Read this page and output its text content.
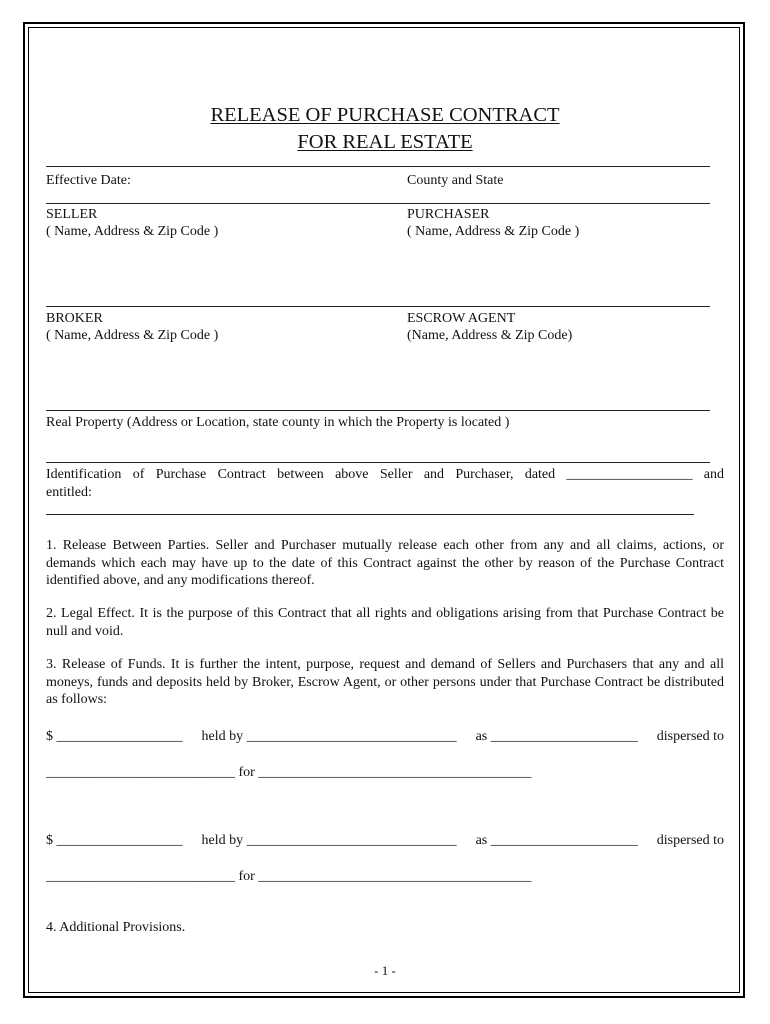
RELEASE OF PURCHASE CONTRACT
FOR REAL ESTATE
Effective Date:	County and State
SELLER
( Name, Address & Zip Code )
PURCHASER
( Name, Address & Zip Code )
BROKER
( Name, Address & Zip Code )
ESCROW AGENT
(Name, Address & Zip Code)
Real Property (Address or Location, state county in which the Property is located )
Identification of Purchase Contract between above Seller and Purchaser, dated __________________ and
entitled:
1. Release Between Parties. Seller and Purchaser mutually release each other from any and all claims, actions, or demands which each may have up to the date of this Contract against the other by reason of the Purchase Contract identified above, and any modifications thereof.
2. Legal Effect. It is the purpose of this Contract that all rights and obligations arising from that Purchase Contract be null and void.
3. Release of Funds. It is further the intent, purpose, request and demand of Sellers and Purchasers that any and all moneys, funds and deposits held by Broker, Escrow Agent, or other persons under that Purchase Contract be distributed as follows:
$ __________________ held by ______________________________ as _____________________ dispersed to
___________________________ for _______________________________________
$ __________________ held by ______________________________ as _____________________ dispersed to
___________________________ for _______________________________________
4. Additional Provisions.
- 1 -
